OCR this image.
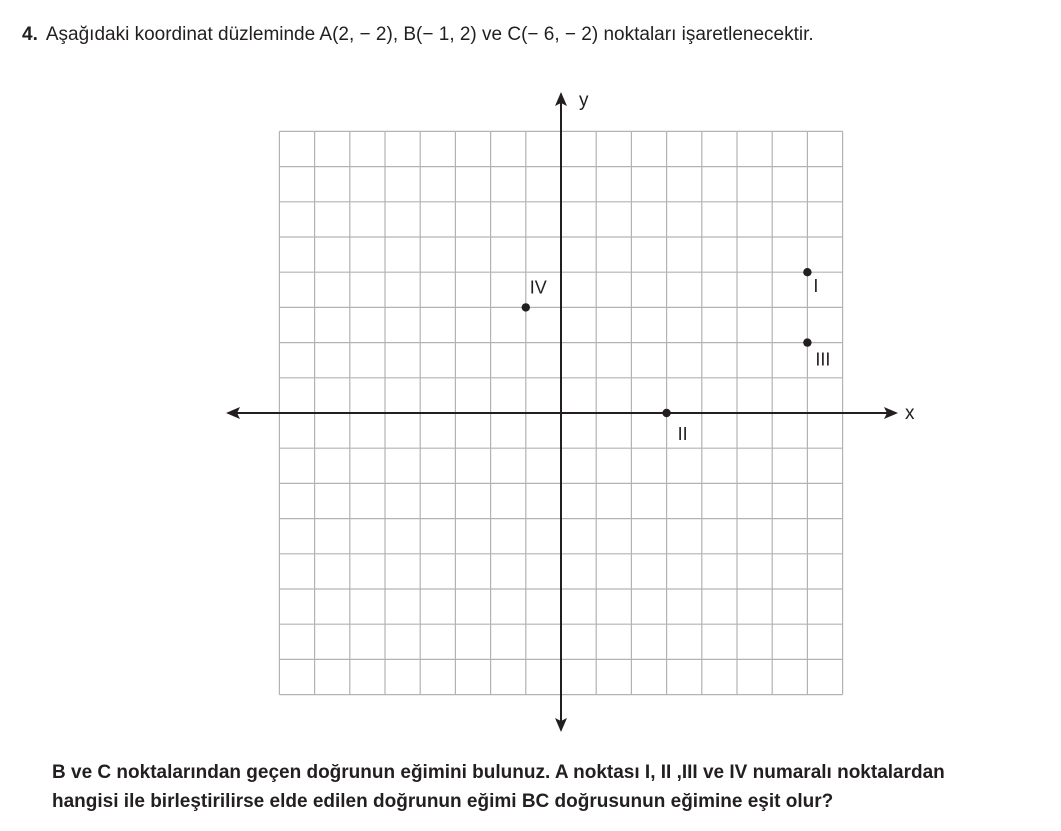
4. Aşağıdaki koordinat düzleminde A(2, − 2), B(− 1, 2) ve C(− 6, − 2) noktaları işaretlenecektir.
x
y
I
II
III
IV
B ve C noktalarından geçen doğrunun eğimini bulunuz. A noktası I, II ,III ve IV numaralı noktalardan
hangisi ile birleştirilirse elde edilen doğrunun eğimi BC doğrusunun eğimine eşit olur?
